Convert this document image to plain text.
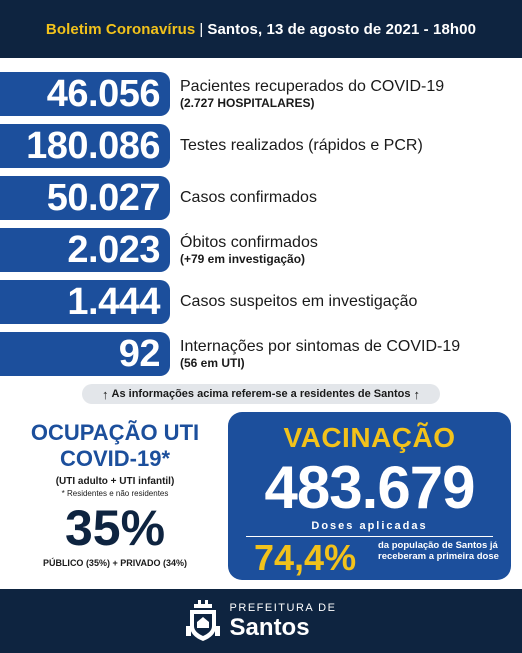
Boletim Coronavírus | Santos, 13 de agosto de 2021 - 18h00
46.056	Pacientes recuperados do COVID-19
(2.727 HOSPITALARES)
180.086	Testes realizados (rápidos e PCR)
50.027	Casos confirmados
2.023	Óbitos confirmados
(+79 em investigação)
1.444	Casos suspeitos em investigação
92	Internações por sintomas de COVID-19
(56 em UTI)
↑ As informações acima referem-se a residentes de Santos ↑
OCUPAÇÃO UTI
COVID-19*
(UTI adulto + UTI infantil)
* Residentes e não residentes
35%
PÚBLICO (35%) + PRIVADO (34%)
VACINAÇÃO
483.679
Doses aplicadas
74,4% da população de Santos já receberam a primeira dose
PREFEITURA DE
Santos
